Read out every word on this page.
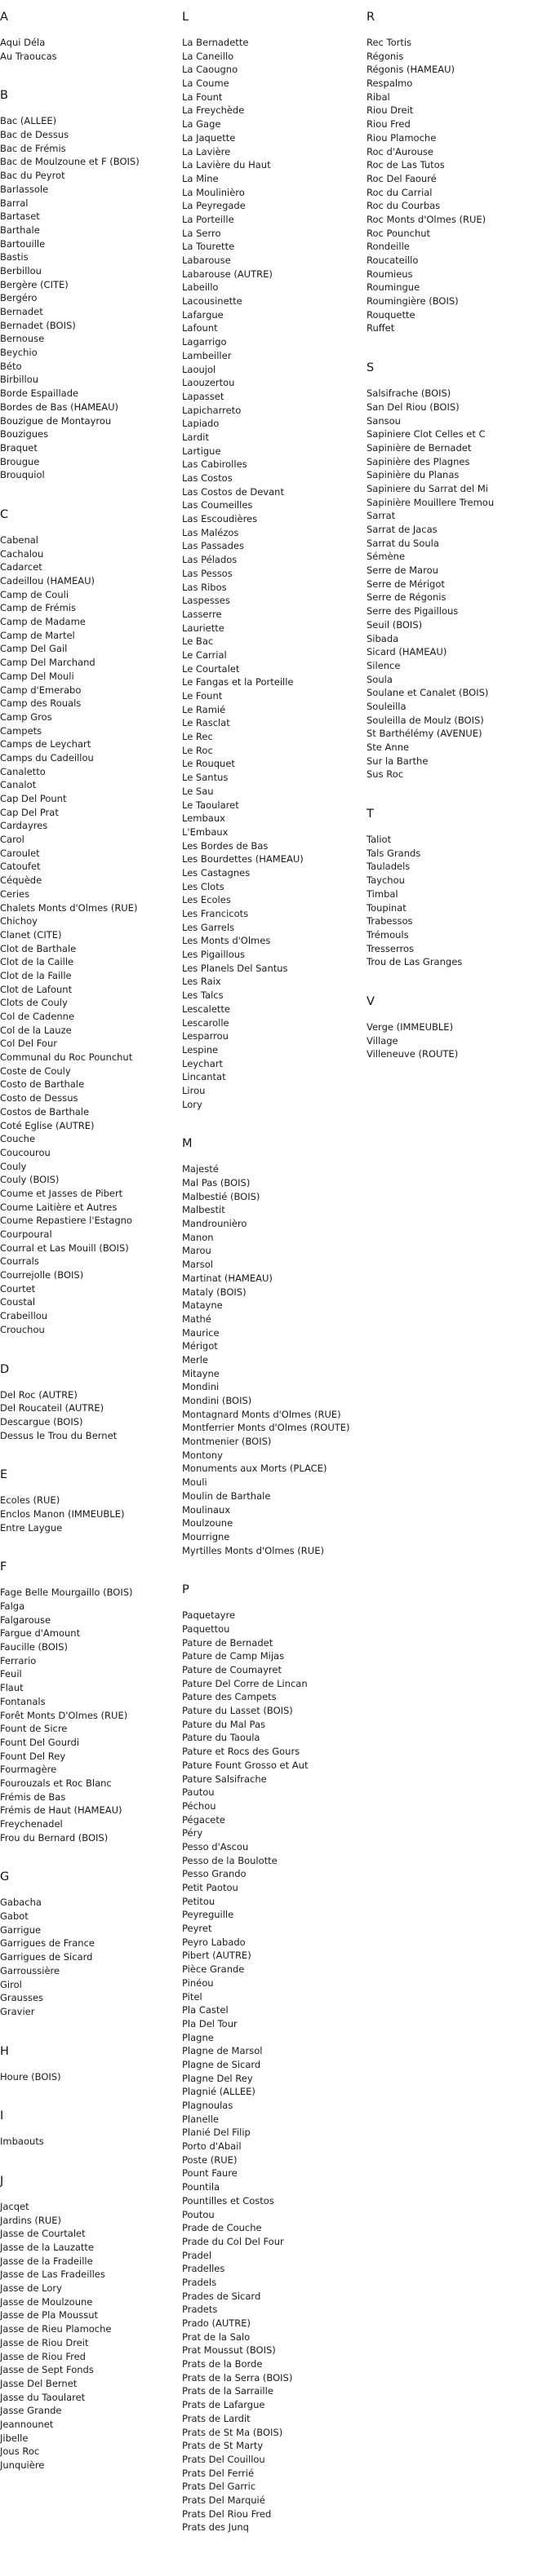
A
Aqui Déla
Au Traoucas
B
Bac (ALLEE)
Bac de Dessus
Bac de Frémis
Bac de Moulzoune et F (BOIS)
Bac du Peyrot
Barlassole
Barral
Bartaset
Barthale
Bartouille
Bastis
Berbillou
Bergère (CITE)
Bergéro
Bernadet
Bernadet (BOIS)
Bernouse
Beychio
Béto
Birbillou
Borde Espaillade
Bordes de Bas (HAMEAU)
Bouzigue de Montayrou
Bouzigues
Braquet
Brougue
Brouquiol
C
Cabenal
Cachalou
Cadarcet
Cadeillou (HAMEAU)
Camp de Couli
Camp de Frémis
Camp de Madame
Camp de Martel
Camp Del Gail
Camp Del Marchand
Camp Del Mouli
Camp d'Emerabo
Camp des Rouals
Camp Gros
Campets
Camps de Leychart
Camps du Cadeillou
Canaletto
Canalot
Cap Del Pount
Cap Del Prat
Cardayres
Carol
Caroulet
Catoufet
Céquède
Ceries
Chalets Monts d'Olmes (RUE)
Chichoy
Clanet (CITE)
Clot de Barthale
Clot de la Caille
Clot de la Faille
Clot de Lafount
Clots de Couly
Col de Cadenne
Col de la Lauze
Col Del Four
Communal du Roc Pounchut
Coste de Couly
Costo de Barthale
Costo de Dessus
Costos de Barthale
Coté Eglise (AUTRE)
Couche
Coucourou
Couly
Couly (BOIS)
Coume et Jasses de Pibert
Coume Laitière et Autres
Coume Repastiere l'Estagno
Courpoural
Courral et Las Mouill (BOIS)
Courrals
Courrejolle (BOIS)
Courtet
Coustal
Crabeillou
Crouchou
D
Del Roc (AUTRE)
Del Roucateil (AUTRE)
Descargue (BOIS)
Dessus le Trou du Bernet
E
Ecoles (RUE)
Enclos Manon (IMMEUBLE)
Entre Laygue
F
Fage Belle Mourgaillo (BOIS)
Falga
Falgarouse
Fargue d'Amount
Faucille (BOIS)
Ferrario
Feuil
Flaut
Fontanals
Forêt Monts D'Olmes (RUE)
Fount de Sicre
Fount Del Gourdi
Fount Del Rey
Fourmagère
Fourouzals et Roc Blanc
Frémis de Bas
Frémis de Haut (HAMEAU)
Freychenadel
Frou du Bernard (BOIS)
G
Gabacha
Gabot
Garrigue
Garrigues de France
Garrigues de Sicard
Garroussière
Girol
Grausses
Gravier
H
Houre (BOIS)
I
Imbaouts
J
Jacqet
Jardins (RUE)
Jasse de Courtalet
Jasse de la Lauzatte
Jasse de la Fradeille
Jasse de Las Fradeilles
Jasse de Lory
Jasse de Moulzoune
Jasse de Pla Moussut
Jasse de Rieu Plamoche
Jasse de Riou Dreit
Jasse de Riou Fred
Jasse de Sept Fonds
Jasse Del Bernet
Jasse du Taoularet
Jasse Grande
Jeannounet
Jibelle
Jous Roc
Junquière
L
La Bernadette
La Caneillo
La Caougno
La Coume
La Fount
La Freychède
La Gage
La Jaquette
La Lavière
La Lavière du Haut
La Mine
La Moulinièro
La Peyregade
La Porteille
La Serro
La Tourette
Labarouse
Labarouse (AUTRE)
Labeillo
Lacousinette
Lafargue
Lafount
Lagarrigo
Lambeiller
Laoujol
Laouzertou
Lapasset
Lapicharreto
Lapiado
Lardit
Lartigue
Las Cabirolles
Las Costos
Las Costos de Devant
Las Coumeilles
Las Escoudières
Las Malézos
Las Passades
Las Pélados
Las Pessos
Las Ribos
Laspesses
Lasserre
Lauriette
Le Bac
Le Carrial
Le Courtalet
Le Fangas et la Porteille
Le Fount
Le Ramié
Le Rasclat
Le Rec
Le Roc
Le Rouquet
Le Santus
Le Sau
Le Taoularet
Lembaux
L'Embaux
Les Bordes de Bas
Les Bourdettes (HAMEAU)
Les Castagnes
Les Clots
Les Ecoles
Les Francicots
Les Garrels
Les Monts d'Olmes
Les Pigaillous
Les Planels Del Santus
Les Raix
Les Talcs
Lescalette
Lescarolle
Lesparrou
Lespine
Leychart
Lincantat
Lirou
Lory
M
Majesté
Mal Pas (BOIS)
Malbestié (BOIS)
Malbestit
Mandrounièro
Manon
Marou
Marsol
Martinat (HAMEAU)
Mataly (BOIS)
Matayne
Mathé
Maurice
Mérigot
Merle
Mitayne
Mondini
Mondini (BOIS)
Montagnard Monts d'Olmes (RUE)
Montferrier Monts d'Olmes (ROUTE)
Montmenier (BOIS)
Montony
Monuments aux Morts (PLACE)
Mouli
Moulin de Barthale
Moulinaux
Moulzoune
Mourrigne
Myrtilles Monts d'Olmes (RUE)
P
Paquetayre
Paquettou
Pature de Bernadet
Pature de Camp Mijas
Pature de Coumayret
Pature Del Corre de Lincan
Pature des Campets
Pature du Lasset (BOIS)
Pature du Mal Pas
Pature du Taoula
Pature et Rocs des Gours
Pature Fount Grosso et Aut
Pature Salsifrache
Pautou
Péchou
Pégacete
Péry
Pesso d'Ascou
Pesso de la Boulotte
Pesso Grando
Petit Paotou
Petitou
Peyreguille
Peyret
Peyro Labado
Pibert (AUTRE)
Pièce Grande
Pinéou
Pitel
Pla Castel
Pla Del Tour
Plagne
Plagne de Marsol
Plagne de Sicard
Plagne Del Rey
Plagnié (ALLEE)
Plagnoulas
Planelle
Planié Del Filip
Porto d'Abail
Poste (RUE)
Pount Faure
Pountila
Pountilles et Costos
Poutou
Prade de Couche
Prade du Col Del Four
Pradel
Pradelles
Pradels
Prades de Sicard
Pradets
Prado (AUTRE)
Prat de la Salo
Prat Moussut (BOIS)
Prats de la Borde
Prats de la Serra (BOIS)
Prats de la Sarraille
Prats de Lafargue
Prats de Lardit
Prats de St Ma (BOIS)
Prats de St Marty
Prats Del Couillou
Prats Del Ferrié
Prats Del Garric
Prats Del Marquié
Prats Del Riou Fred
Prats des Junq
R
Rec Tortis
Régonis
Régonis (HAMEAU)
Respalmo
Ribal
Riou Dreit
Riou Fred
Riou Plamoche
Roc d'Aurouse
Roc de Las Tutos
Roc Del Faouré
Roc du Carrial
Roc du Courbas
Roc Monts d'Olmes (RUE)
Roc Pounchut
Rondeille
Roucateillo
Roumieus
Roumingue
Roumingière (BOIS)
Rouquette
Ruffet
S
Salsifrache (BOIS)
San Del Riou (BOIS)
Sansou
Sapiniere Clot Celles et C
Sapinière de Bernadet
Sapinière des Plagnes
Sapinière du Planas
Sapiniere du Sarrat del Mi
Sapinière Mouillere Tremou
Sarrat
Sarrat de Jacas
Sarrat du Soula
Sémène
Serre de Marou
Serre de Mérigot
Serre de Régonis
Serre des Pigaillous
Seuil (BOIS)
Sibada
Sicard (HAMEAU)
Silence
Soula
Soulane et Canalet (BOIS)
Souleilla
Souleilla de Moulz (BOIS)
St Barthélémy (AVENUE)
Ste Anne
Sur la Barthe
Sus Roc
T
Taliot
Tals Grands
Tauladels
Taychou
Timbal
Toupinat
Trabessos
Trémouls
Tresserros
Trou de Las Granges
V
Verge (IMMEUBLE)
Village
Villeneuve (ROUTE)
